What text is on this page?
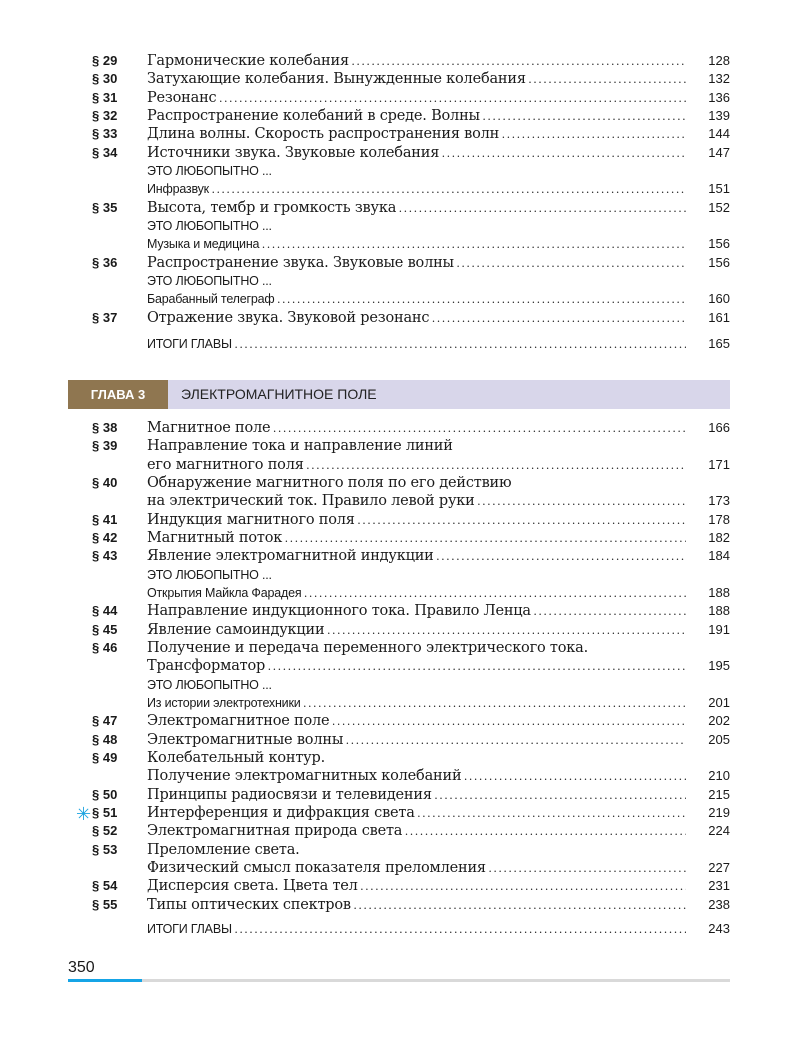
§ 29	Гармонические колебания . . .	128
§ 30	Затухающие колебания. Вынужденные колебания . . .	132
§ 31	Резонанс . . .	136
§ 32	Распространение колебаний в среде. Волны . . .	139
§ 33	Длина волны. Скорость распространения волн . . .	144
§ 34	Источники звука. Звуковые колебания . . .	147
ЭТО ЛЮБОПЫТНО ...
Инфразвук . . .	151
§ 35	Высота, тембр и громкость звука . . .	152
ЭТО ЛЮБОПЫТНО ...
Музыка и медицина . . .	156
§ 36	Распространение звука. Звуковые волны . . .	156
ЭТО ЛЮБОПЫТНО ...
Барабанный телеграф . . .	160
§ 37	Отражение звука. Звуковой резонанс . . .	161
ИТОГИ ГЛАВЫ . . .	165
ГЛАВА 3	ЭЛЕКТРОМАГНИТНОЕ ПОЛЕ
§ 38	Магнитное поле . . .	166
§ 39	Направление тока и направление линий
его магнитного поля . . .	171
§ 40	Обнаружение магнитного поля по его действию
на электрический ток. Правило левой руки . . .	173
§ 41	Индукция магнитного поля . . .	178
§ 42	Магнитный поток . . .	182
§ 43	Явление электромагнитной индукции . . .	184
ЭТО ЛЮБОПЫТНО ...
Открытия Майкла Фарадея . . .	188
§ 44	Направление индукционного тока. Правило Ленца . . .	188
§ 45	Явление самоиндукции . . .	191
§ 46	Получение и передача переменного электрического тока.
Трансформатор . . .	195
ЭТО ЛЮБОПЫТНО ...
Из истории электротехники . . .	201
§ 47	Электромагнитное поле . . .	202
§ 48	Электромагнитные волны . . .	205
§ 49	Колебательный контур.
Получение электромагнитных колебаний . . .	210
§ 50	Принципы радиосвязи и телевидения . . .	215
§ 51	Интерференция и дифракция света . . .	219
§ 52	Электромагнитная природа света . . .	224
§ 53	Преломление света.
Физический смысл показателя преломления . . .	227
§ 54	Дисперсия света. Цвета тел . . .	231
§ 55	Типы оптических спектров . . .	238
ИТОГИ ГЛАВЫ . . .	243
✳
350
